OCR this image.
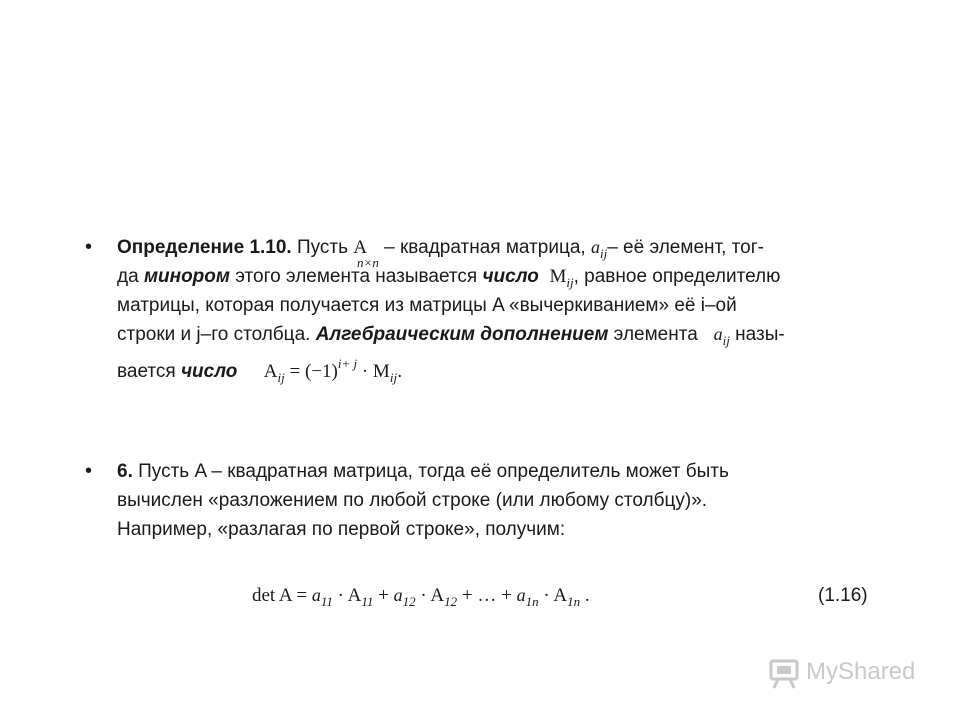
• Определение 1.10. Пусть $A_{n\times n}$ – квадратная матрица, $a_{ij}-$ её элемент, тог-
да минором этого элемента называется число $M_{ij}$, равное определителю
матрицы, которая получается из матрицы A «вычеркиванием» её i–ой
строки и j–го столбца. Алгебраическим дополнением элемента   $a_{ij}$ назы-
вается число $A_{ij} = (-1)^{i+ j} \cdot M_{ij}$.
• 6. Пусть A – квадратная матрица, тогда её определитель может быть
вычислен «разложением по любой строке (или любому столбцу)».
Например, «разлагая по первой строке», получим:
$\det A = a_{11} \cdot A_{11} + a_{12} \cdot A_{12}$ + … + $a_{1n} \cdot A_{1n}$ .	(1.16)
MyShared
